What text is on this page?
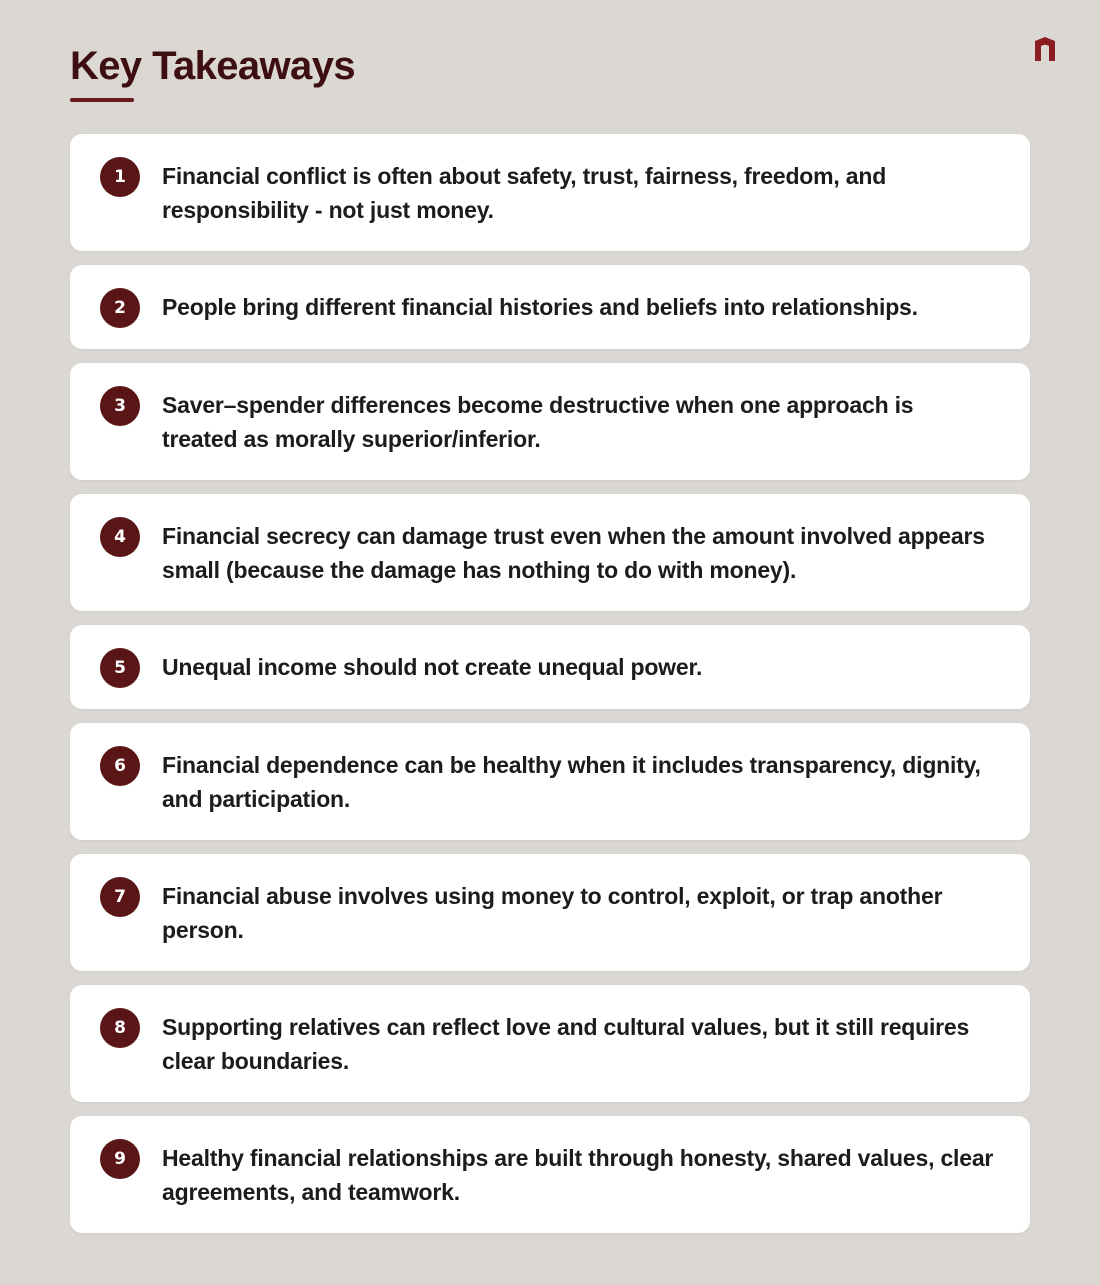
Key Takeaways
1	Financial conflict is often about safety, trust, fairness, freedom, and responsibility - not just money.
2	People bring different financial histories and beliefs into relationships.
3	Saver–spender differences become destructive when one approach is treated as morally superior/inferior.
4	Financial secrecy can damage trust even when the amount involved appears small (because the damage has nothing to do with money).
5	Unequal income should not create unequal power.
6	Financial dependence can be healthy when it includes transparency, dignity, and participation.
7	Financial abuse involves using money to control, exploit, or trap another person.
8	Supporting relatives can reflect love and cultural values, but it still requires clear boundaries.
9	Healthy financial relationships are built through honesty, shared values, clear agreements, and teamwork.
